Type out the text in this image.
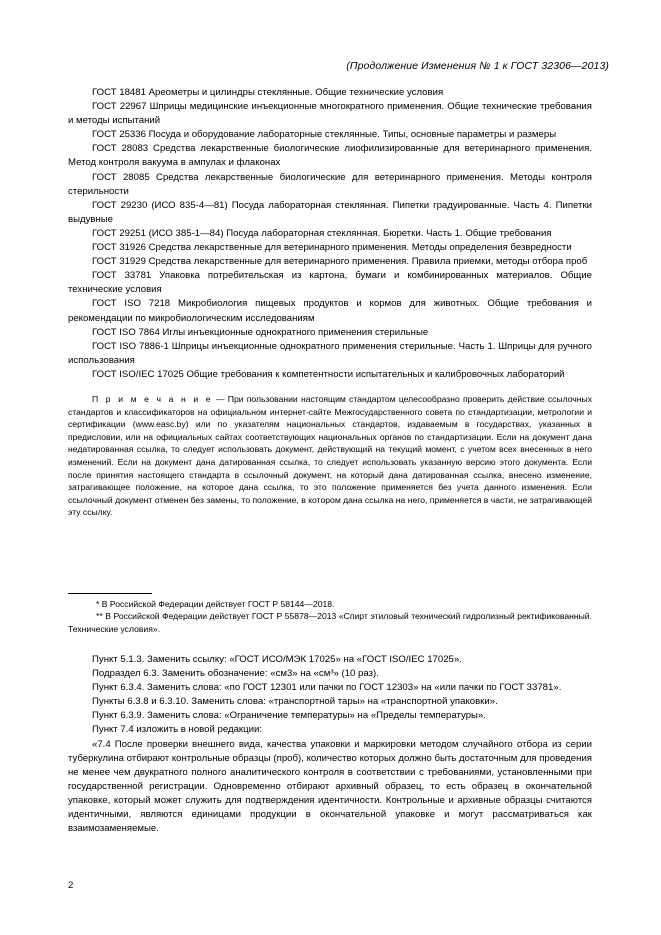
(Продолжение Изменения № 1 к ГОСТ 32306—2013)

ГОСТ 18481 Ареометры и цилиндры стеклянные. Общие технические условия

ГОСТ 22967 Шприцы медицинские инъекционные многократного применения. Общие технические требования и методы испытаний

ГОСТ 25336 Посуда и оборудование лабораторные стеклянные. Типы, основные параметры и размеры

ГОСТ 28083 Средства лекарственные биологические лиофилизированные для ветеринарного применения. Метод контроля вакуума в ампулах и флаконах

ГОСТ 28085 Средства лекарственные биологические для ветеринарного применения. Методы контроля стерильности

ГОСТ 29230 (ИСО 835-4—81) Посуда лабораторная стеклянная. Пипетки градуированные. Часть 4. Пипетки выдувные

ГОСТ 29251 (ИСО 385-1—84) Посуда лабораторная стеклянная. Бюретки. Часть 1. Общие требования

ГОСТ 31926 Средства лекарственные для ветеринарного применения. Методы определения безвредности

ГОСТ 31929 Средства лекарственные для ветеринарного применения. Правила приемки, методы отбора проб

ГОСТ 33781 Упаковка потребительская из картона, бумаги и комбинированных материалов. Общие технические условия

ГОСТ ISO 7218 Микробиология пищевых продуктов и кормов для животных. Общие требования и рекомендации по микробиологическим исследованиям

ГОСТ ISO 7864 Иглы инъекционные однократного применения стерильные

ГОСТ ISO 7886-1 Шприцы инъекционные однократного применения стерильные. Часть 1. Шприцы для ручного использования

ГОСТ ISO/IEC 17025 Общие требования к компетентности испытательных и калибровочных лабораторий

П р и м е ч а н и е — При пользовании настоящим стандартом целесообразно проверить действие ссылочных стандартов и классификаторов на официальном интернет-сайте Межгосударственного совета по стандартизации, метрологии и сертификации (www.easc.by) или по указателям национальных стандартов, издаваемым в государствах, указанных в предисловии, или на официальных сайтах соответствующих национальных органов по стандартизации. Если на документ дана недатированная ссылка, то следует использовать документ, действующий на текущий момент, с учетом всех внесенных в него изменений. Если на документ дана датированная ссылка, то следует использовать указанную версию этого документа. Если после принятия настоящего стандарта в ссылочный документ, на который дана датированная ссылка, внесено изменение, затрагивающее положение, на которое дана ссылка, то это положение применяется без учета данного изменения. Если ссылочный документ отменен без замены, то положение, в котором дана ссылка на него, применяется в части, не затрагивающей эту ссылку.

* В Российской Федерации действует ГОСТ Р 58144—2018.

** В Российской Федерации действует ГОСТ Р 55878—2013 «Спирт этиловый технический гидролизный ректификованный. Технические условия».

Пункт 5.1.3. Заменить ссылку: «ГОСТ ИСО/МЭК 17025» на «ГОСТ ISO/IEC 17025».

Подраздел 6.3. Заменить обозначение: «см3» на «см³» (10 раз).

Пункт 6.3.4. Заменить слова: «по ГОСТ 12301 или пачки по ГОСТ 12303» на «или пачки по ГОСТ 33781».

Пункты 6.3.8 и 6.3.10. Заменить слова: «транспортной тары» на «транспортной упаковки».

Пункт 6.3.9. Заменить слова: «Ограничение температуры» на «Пределы температуры».

Пункт 7.4 изложить в новой редакции:

«7.4 После проверки внешнего вида, качества упаковки и маркировки методом случайного отбора из серии туберкулина отбирают контрольные образцы (проб), количество которых должно быть достаточным для проведения не менее чем двукратного полного аналитического контроля в соответствии с требованиями, установленными при государственной регистрации. Одновременно отбирают архивный образец, то есть образец в окончательной упаковке, который может служить для подтверждения идентичности. Контрольные и архивные образцы считаются идентичными, являются единицами продукции в окончательной упаковке и могут рассматриваться как взаимозаменяемые.

2
